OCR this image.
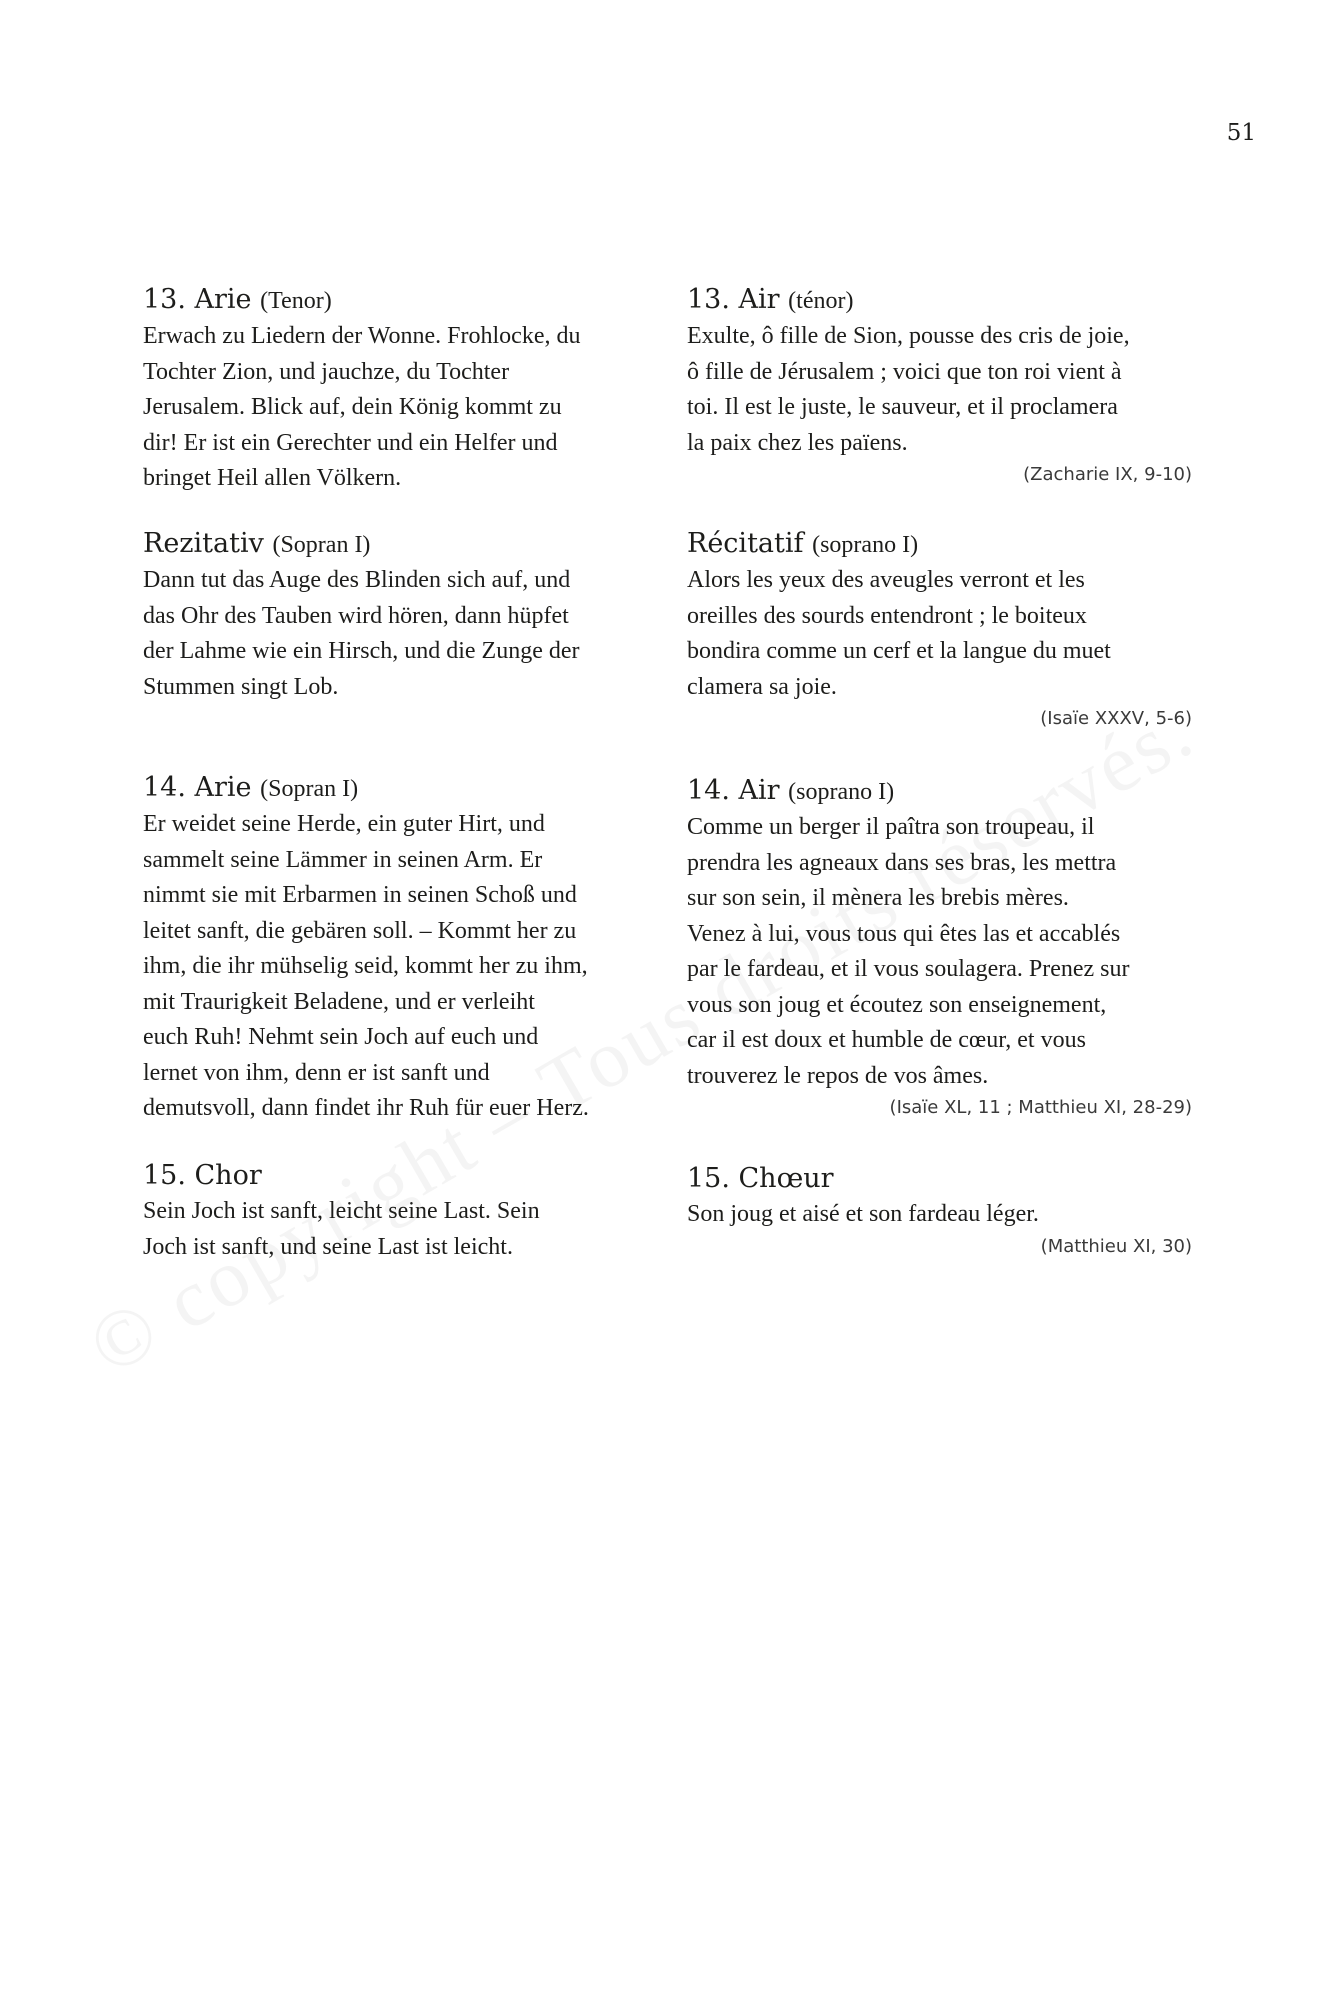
51
13. Arie (Tenor)
Erwach zu Liedern der Wonne. Frohlocke, du
Tochter Zion, und jauchze, du Tochter
Jerusalem. Blick auf, dein König kommt zu
dir! Er ist ein Gerechter und ein Helfer und
bringet Heil allen Völkern.
Rezitativ (Sopran I)
Dann tut das Auge des Blinden sich auf, und
das Ohr des Tauben wird hören, dann hüpfet
der Lahme wie ein Hirsch, und die Zunge der
Stummen singt Lob.
14. Arie (Sopran I)
Er weidet seine Herde, ein guter Hirt, und
sammelt seine Lämmer in seinen Arm. Er
nimmt sie mit Erbarmen in seinen Schoß und
leitet sanft, die gebären soll. – Kommt her zu
ihm, die ihr mühselig seid, kommt her zu ihm,
mit Traurigkeit Beladene, und er verleiht
euch Ruh! Nehmt sein Joch auf euch und
lernet von ihm, denn er ist sanft und
demutsvoll, dann findet ihr Ruh für euer Herz.
15. Chor
Sein Joch ist sanft, leicht seine Last. Sein
Joch ist sanft, und seine Last ist leicht.
13. Air (ténor)
Exulte, ô fille de Sion, pousse des cris de joie,
ô fille de Jérusalem ; voici que ton roi vient à
toi. Il est le juste, le sauveur, et il proclamera
la paix chez les païens.
(Zacharie IX, 9-10)
Récitatif (soprano I)
Alors les yeux des aveugles verront et les
oreilles des sourds entendront ; le boiteux
bondira comme un cerf et la langue du muet
clamera sa joie.
(Isaïe XXXV, 5-6)
14. Air (soprano I)
Comme un berger il paîtra son troupeau, il
prendra les agneaux dans ses bras, les mettra
sur son sein, il mènera les brebis mères.
Venez à lui, vous tous qui êtes las et accablés
par le fardeau, et il vous soulagera. Prenez sur
vous son joug et écoutez son enseignement,
car il est doux et humble de cœur, et vous
trouverez le repos de vos âmes.
(Isaïe XL, 11 ; Matthieu XI, 28-29)
15. Chœur
Son joug et aisé et son fardeau léger.
(Matthieu XI, 30)
